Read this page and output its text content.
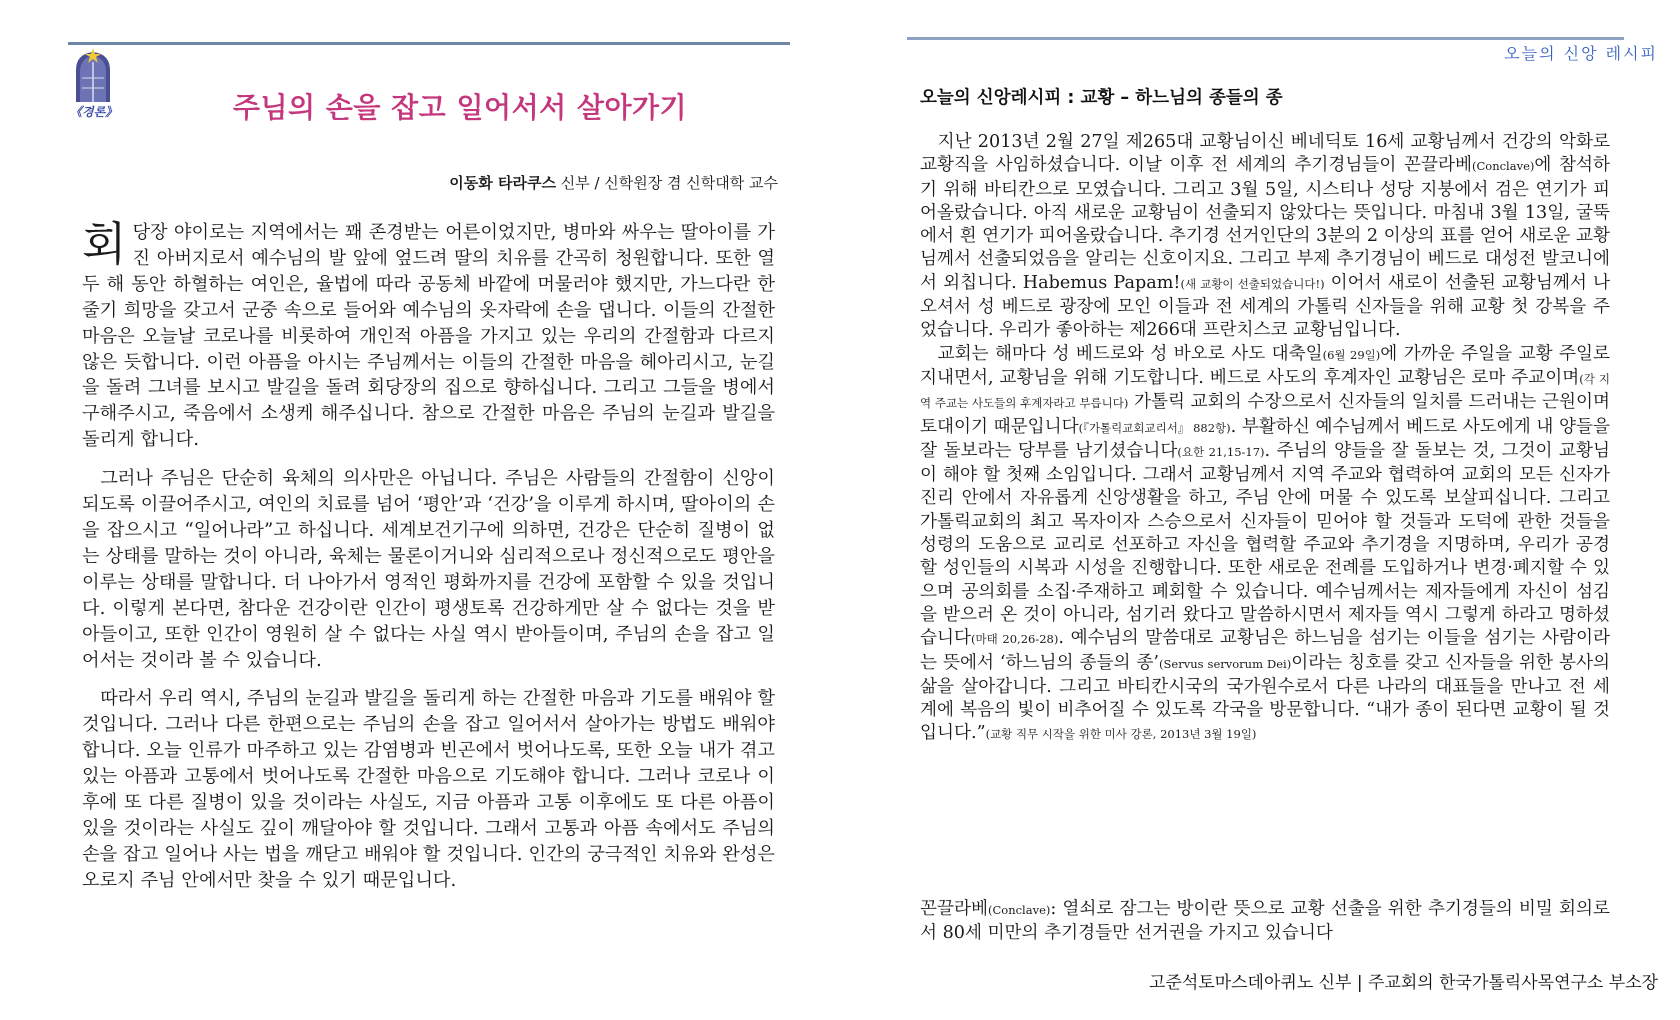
《경론》	주님의 손을 잡고 일어서서 살아가기
이동화 타라쿠스 신부 / 신학원장 겸 신학대학 교수

회당장 야이로는 지역에서는 꽤 존경받는 어른이었지만, 병마와 싸우는 딸아이를 가진 아버지로서 예수님의 발 앞에 엎드려 딸의 치유를 간곡히 청원합니다. 또한 열두 해 동안 하혈하는 여인은, 율법에 따라 공동체 바깥에 머물러야 했지만, 가느다란 한 줄기 희망을 갖고서 군중 속으로 들어와 예수님의 옷자락에 손을 댑니다. 이들의 간절한 마음은 오늘날 코로나를 비롯하여 개인적 아픔을 가지고 있는 우리의 간절함과 다르지 않은 듯합니다. 이런 아픔을 아시는 주님께서는 이들의 간절한 마음을 헤아리시고, 눈길을 돌려 그녀를 보시고 발길을 돌려 회당장의 집으로 향하십니다. 그리고 그들을 병에서 구해주시고, 죽음에서 소생케 해주십니다. 참으로 간절한 마음은 주님의 눈길과 발길을 돌리게 합니다.

그러나 주님은 단순히 육체의 의사만은 아닙니다. 주님은 사람들의 간절함이 신앙이 되도록 이끌어주시고, 여인의 치료를 넘어 ‘평안’과 ‘건강’을 이루게 하시며, 딸아이의 손을 잡으시고 “일어나라”고 하십니다. 세계보건기구에 의하면, 건강은 단순히 질병이 없는 상태를 말하는 것이 아니라, 육체는 물론이거니와 심리적으로나 정신적으로도 평안을 이루는 상태를 말합니다. 더 나아가서 영적인 평화까지를 건강에 포함할 수 있을 것입니다. 이렇게 본다면, 참다운 건강이란 인간이 평생토록 건강하게만 살 수 없다는 것을 받아들이고, 또한 인간이 영원히 살 수 없다는 사실 역시 받아들이며, 주님의 손을 잡고 일어서는 것이라 볼 수 있습니다.

따라서 우리 역시, 주님의 눈길과 발길을 돌리게 하는 간절한 마음과 기도를 배워야 할 것입니다. 그러나 다른 한편으로는 주님의 손을 잡고 일어서서 살아가는 방법도 배워야 합니다. 오늘 인류가 마주하고 있는 감염병과 빈곤에서 벗어나도록, 또한 오늘 내가 겪고 있는 아픔과 고통에서 벗어나도록 간절한 마음으로 기도해야 합니다. 그러나 코로나 이후에 또 다른 질병이 있을 것이라는 사실도, 지금 아픔과 고통 이후에도 또 다른 아픔이 있을 것이라는 사실도 깊이 깨달아야 할 것입니다. 그래서 고통과 아픔 속에서도 주님의 손을 잡고 일어나 사는 법을 깨닫고 배워야 할 것입니다. 인간의 궁극적인 치유와 완성은 오로지 주님 안에서만 찾을 수 있기 때문입니다.

오늘의 신앙 레시피
오늘의 신앙레시피 : 교황 – 하느님의 종들의 종

지난 2013년 2월 27일 제265대 교황님이신 베네딕토 16세 교황님께서 건강의 악화로 교황직을 사임하셨습니다. 이날 이후 전 세계의 추기경님들이 꼰끌라베(Conclave)에 참석하기 위해 바티칸으로 모였습니다. 그리고 3월 5일, 시스티나 성당 지붕에서 검은 연기가 피어올랐습니다. 아직 새로운 교황님이 선출되지 않았다는 뜻입니다. 마침내 3월 13일, 굴뚝에서 흰 연기가 피어올랐습니다. 추기경 선거인단의 3분의 2 이상의 표를 얻어 새로운 교황님께서 선출되었음을 알리는 신호이지요. 그리고 부제 추기경님이 베드로 대성전 발코니에서 외칩니다. Habemus Papam!(새 교황이 선출되었습니다!) 이어서 새로이 선출된 교황님께서 나오셔서 성 베드로 광장에 모인 이들과 전 세계의 가톨릭 신자들을 위해 교황 첫 강복을 주었습니다. 우리가 좋아하는 제266대 프란치스코 교황님입니다.

교회는 해마다 성 베드로와 성 바오로 사도 대축일(6월 29일)에 가까운 주일을 교황 주일로 지내면서, 교황님을 위해 기도합니다. 베드로 사도의 후계자인 교황님은 로마 주교이며(각 지역 주교는 사도들의 후계자라고 부릅니다) 가톨릭 교회의 수장으로서 신자들의 일치를 드러내는 근원이며 토대이기 때문입니다(『가톨릭교회교리서』 882항). 부활하신 예수님께서 베드로 사도에게 내 양들을 잘 돌보라는 당부를 남기셨습니다(요한 21,15-17). 주님의 양들을 잘 돌보는 것, 그것이 교황님이 해야 할 첫째 소임입니다. 그래서 교황님께서 지역 주교와 협력하여 교회의 모든 신자가 진리 안에서 자유롭게 신앙생활을 하고, 주님 안에 머물 수 있도록 보살피십니다. 그리고 가톨릭교회의 최고 목자이자 스승으로서 신자들이 믿어야 할 것들과 도덕에 관한 것들을 성령의 도움으로 교리로 선포하고 자신을 협력할 주교와 추기경을 지명하며, 우리가 공경할 성인들의 시복과 시성을 진행합니다. 또한 새로운 전례를 도입하거나 변경·폐지할 수 있으며 공의회를 소집·주재하고 폐회할 수 있습니다. 예수님께서는 제자들에게 자신이 섬김을 받으러 온 것이 아니라, 섬기러 왔다고 말씀하시면서 제자들 역시 그렇게 하라고 명하셨습니다(마태 20,26-28). 예수님의 말씀대로 교황님은 하느님을 섬기는 이들을 섬기는 사람이라는 뜻에서 ‘하느님의 종들의 종’(Servus servorum Dei)이라는 칭호를 갖고 신자들을 위한 봉사의 삶을 살아갑니다. 그리고 바티칸시국의 국가원수로서 다른 나라의 대표들을 만나고 전 세계에 복음의 빛이 비추어질 수 있도록 각국을 방문합니다. “내가 종이 된다면 교황이 될 것입니다.”(교황 직무 시작을 위한 미사 강론, 2013년 3월 19일)

꼰끌라베(Conclave): 열쇠로 잠그는 방이란 뜻으로 교황 선출을 위한 추기경들의 비밀 회의로서 80세 미만의 추기경들만 선거권을 가지고 있습니다
고준석토마스데아퀴노 신부 | 주교회의 한국가톨릭사목연구소 부소장
